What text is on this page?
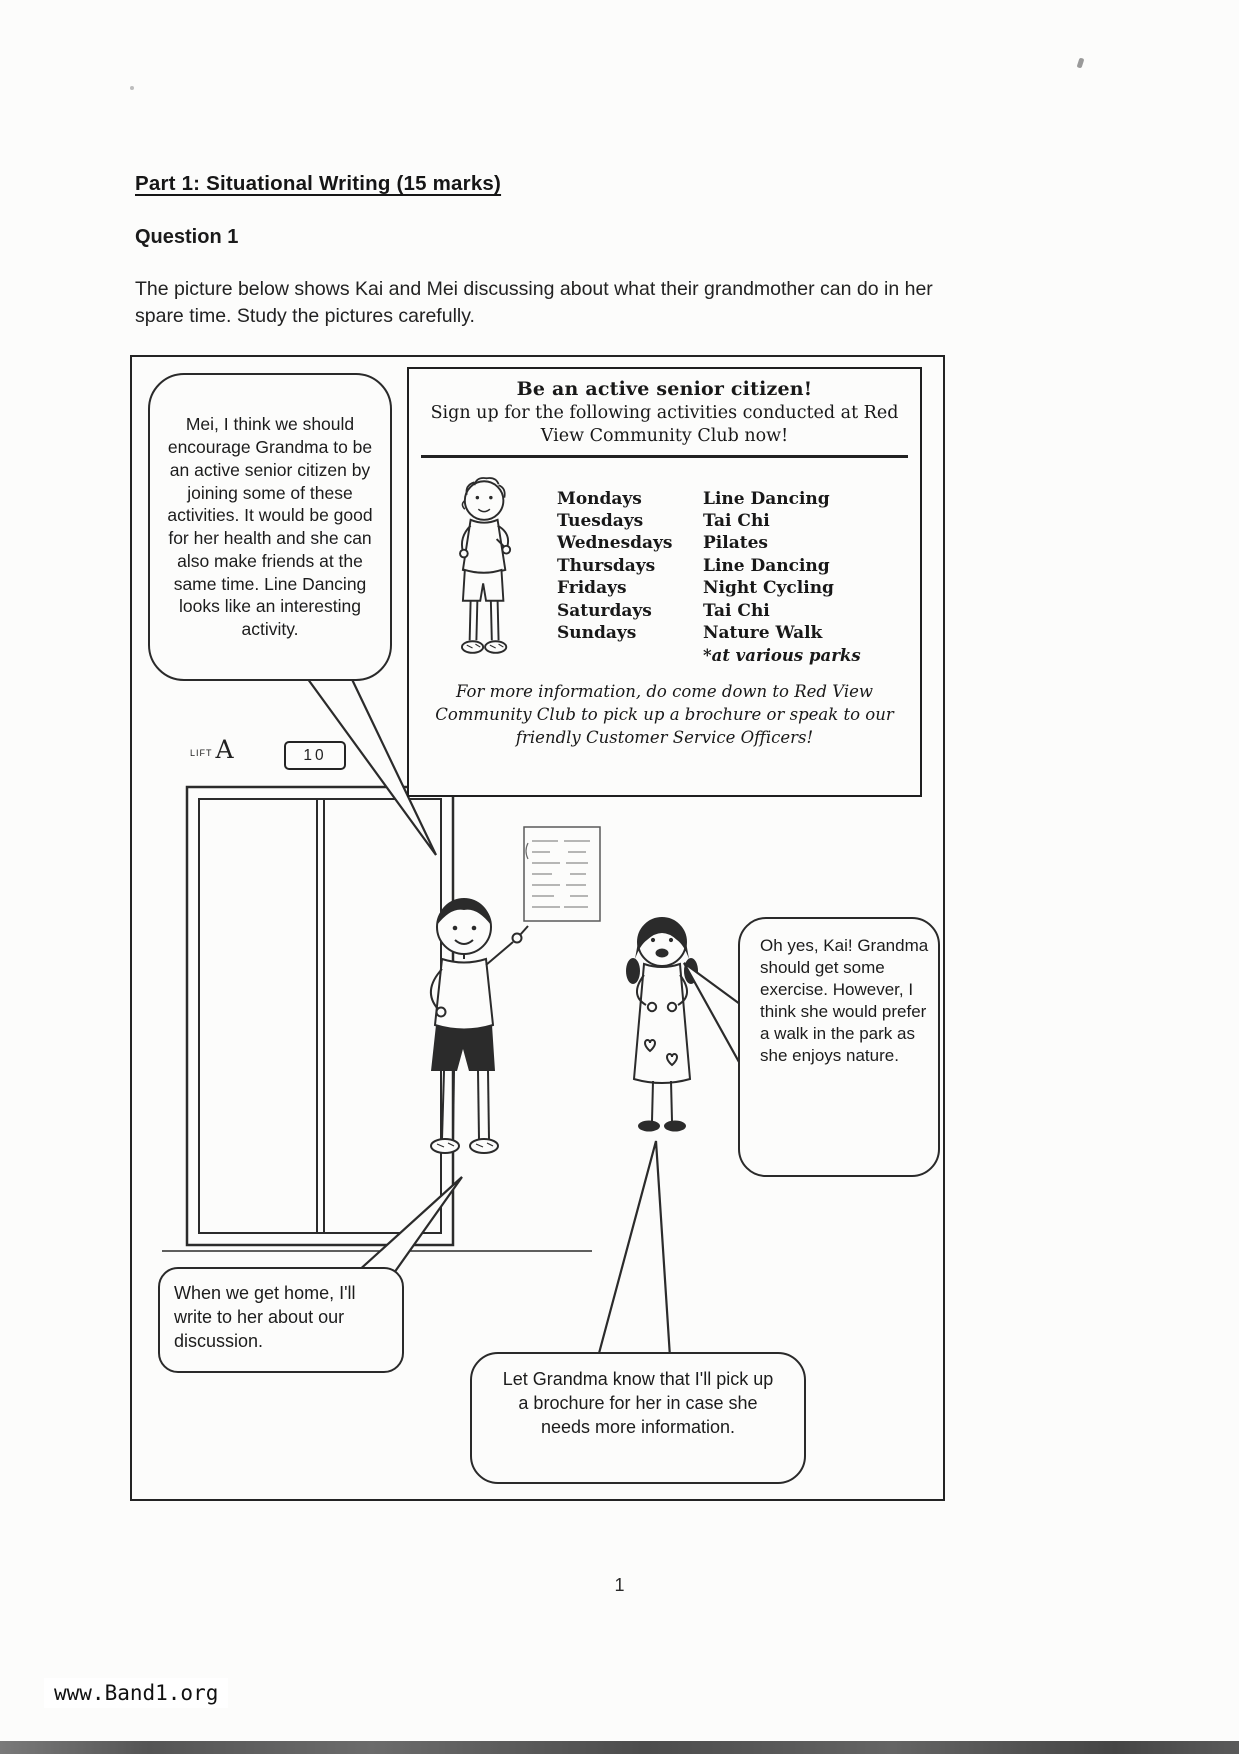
Part 1: Situational Writing (15 marks)
Question 1
The picture below shows Kai and Mei discussing about what their grandmother can do in her spare time. Study the pictures carefully.
LIFT A	10
Be an active senior citizen!
Sign up for the following activities conducted at Red View Community Club now!
Mondays	Line Dancing
Tuesdays	Tai Chi
Wednesdays	Pilates
Thursdays	Line Dancing
Fridays	Night Cycling
Saturdays	Tai Chi
Sundays	Nature Walk
*at various parks
For more information, do come down to Red View Community Club to pick up a brochure or speak to our friendly Customer Service Officers!
Mei, I think we should encourage Grandma to be an active senior citizen by joining some of these activities. It would be good for her health and she can also make friends at the same time. Line Dancing looks like an interesting activity.
Oh yes, Kai! Grandma should get some exercise. However, I think she would prefer a walk in the park as she enjoys nature.
When we get home, I'll write to her about our discussion.
Let Grandma know that I'll pick up a brochure for her in case she needs more information.
1
www.Band1.org
